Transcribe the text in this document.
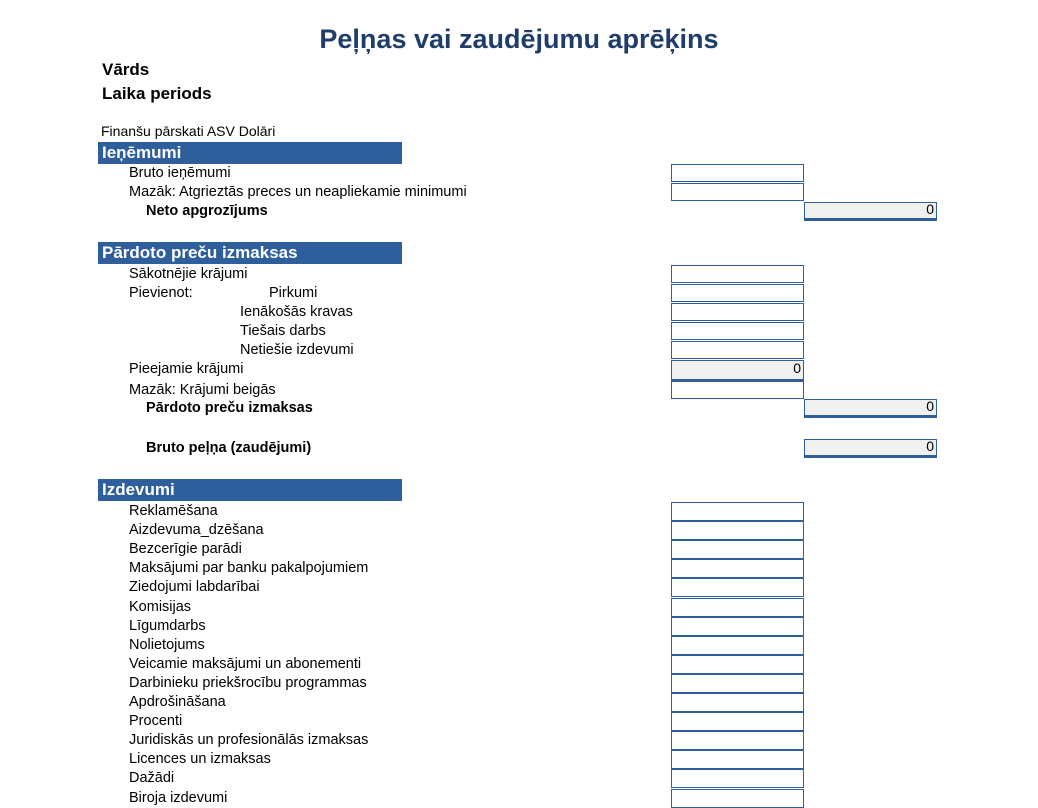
Peļņas vai zaudējumu aprēķins
Vārds
Laika periods
Finanšu pārskati ASV Dolāri
Ieņēmumi
Bruto ieņēmumi
Mazāk: Atgrieztās preces un neapliekamie minimumi
Neto apgrozījums	0
Pārdoto preču izmaksas
Sākotnējie krājumi
Pievienot:	Pirkumi
Ienākošās kravas
Tiešais darbs
Netiešie izdevumi
Pieejamie krājumi	0
Mazāk: Krājumi beigās
Pārdoto preču izmaksas	0
Bruto peļņa (zaudējumi)	0
Izdevumi
Reklamēšana
Aizdevuma_dzēšana
Bezcerīgie parādi
Maksājumi par banku pakalpojumiem
Ziedojumi labdarībai
Komisijas
Līgumdarbs
Nolietojums
Veicamie maksājumi un abonementi
Darbinieku priekšrocību programmas
Apdrošināšana
Procenti
Juridiskās un profesionālās izmaksas
Licences un izmaksas
Dažādi
Biroja izdevumi
